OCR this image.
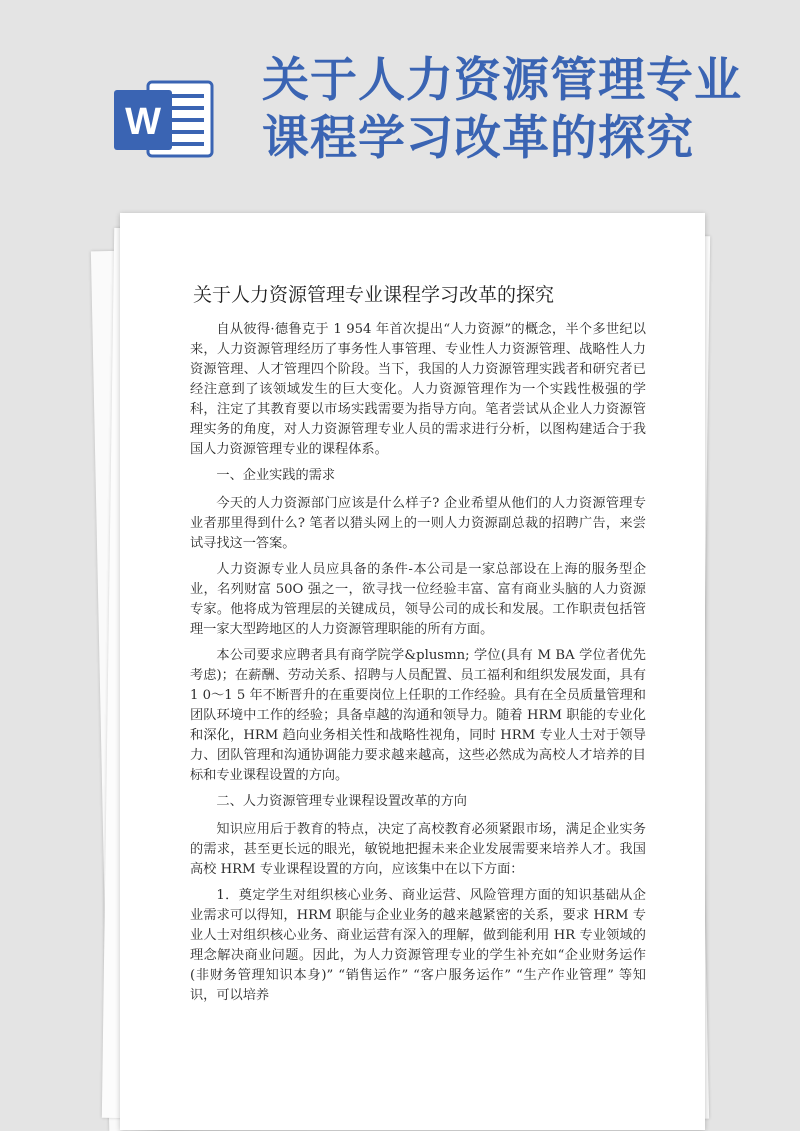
W
关于人力资源管理专业
课程学习改革的探究
关于人力资源管理专业课程学习改革的探究

自从彼得·德鲁克于 1 954 年首次提出“人力资源”的概念，半个多世纪以来，人力资源管理经历了事务性人事管理、专业性人力资源管理、战略性人力资源管理、人才管理四个阶段。当下，我国的人力资源管理实践者和研究者已经注意到了该领域发生的巨大变化。人力资源管理作为一个实践性极强的学科，注定了其教育要以市场实践需要为指导方向。笔者尝试从企业人力资源管理实务的角度，对人力资源管理专业人员的需求进行分析，以图构建适合于我国人力资源管理专业的课程体系。

一、企业实践的需求

今天的人力资源部门应该是什么样子? 企业希望从他们的人力资源管理专业者那里得到什么? 笔者以猎头网上的一则人力资源副总裁的招聘广告，来尝试寻找这一答案。

人力资源专业人员应具备的条件-本公司是一家总部设在上海的服务型企业，名列财富 50O 强之一，欲寻找一位经验丰富、富有商业头脑的人力资源专家。他将成为管理层的关键成员，领导公司的成长和发展。工作职责包括管理一家大型跨地区的人力资源管理职能的所有方面。

本公司要求应聘者具有商学院学&plusmn; 学位(具有 M BA 学位者优先考虑)；在薪酬、劳动关系、招聘与人员配置、员工福利和组织发展发面，具有 1 0～1 5 年不断晋升的在重要岗位上任职的工作经验。具有在全员质量管理和团队环境中工作的经验；具备卓越的沟通和领导力。随着 HRM 职能的专业化和深化，HRM 趋向业务相关性和战略性视角，同时 HRM 专业人士对于领导力、团队管理和沟通协调能力要求越来越高，这些必然成为高校人才培养的目标和专业课程设置的方向。

二、人力资源管理专业课程设置改革的方向

知识应用后于教育的特点，决定了高校教育必须紧跟市场，满足企业实务的需求，甚至更长远的眼光，敏锐地把握未来企业发展需要来培养人才。我国高校 HRM 专业课程设置的方向，应该集中在以下方面：

1．奠定学生对组织核心业务、商业运营、风险管理方面的知识基础从企业需求可以得知，HRM 职能与企业业务的越来越紧密的关系，要求 HRM 专业人士对组织核心业务、商业运营有深入的理解，做到能利用 HR 专业领域的理念解决商业问题。因此，为人力资源管理专业的学生补充如“企业财务运作(非财务管理知识本身)” “销售运作” “客户服务运作” “生产作业管理” 等知识，可以培养
